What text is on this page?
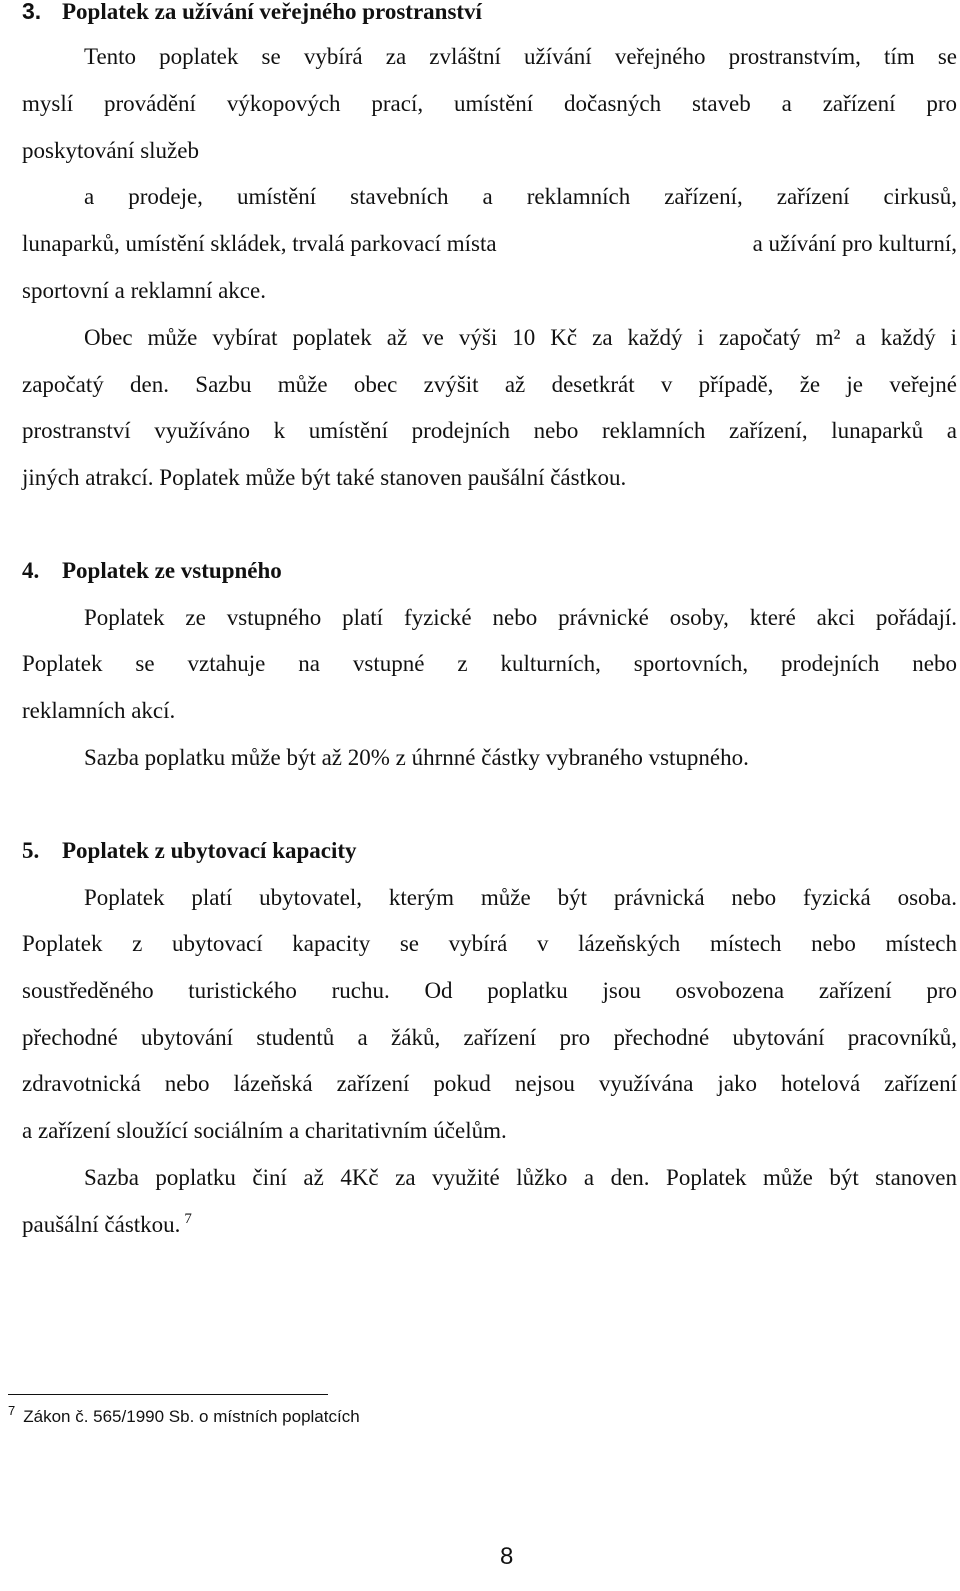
3. Poplatek za užívání veřejného prostranství
Tento poplatek se vybírá za zvláštní užívání veřejného prostranstvím, tím se
myslí provádění výkopových prací, umístění dočasných staveb a zařízení pro
poskytování služeb
a prodeje, umístění stavebních a reklamních zařízení, zařízení cirkusů,
lunaparků, umístění skládek, trvalá parkovací místa	a užívání pro kulturní,
sportovní a reklamní akce.
Obec může vybírat poplatek až ve výši 10 Kč za každý i započatý m² a každý i
započatý den. Sazbu může obec zvýšit až desetkrát v případě, že je veřejné
prostranství využíváno k umístění prodejních nebo reklamních zařízení, lunaparků a
jiných atrakcí. Poplatek může být také stanoven paušální částkou.
4. Poplatek ze vstupného
Poplatek ze vstupného platí fyzické nebo právnické osoby, které akci pořádají.
Poplatek se vztahuje na vstupné z kulturních, sportovních, prodejních nebo
reklamních akcí.
Sazba poplatku může být až 20% z úhrnné částky vybraného vstupného.
5. Poplatek z ubytovací kapacity
Poplatek platí ubytovatel, kterým může být právnická nebo fyzická osoba.
Poplatek z ubytovací kapacity se vybírá v lázeňských místech nebo místech
soustředěného turistického ruchu. Od poplatku jsou osvobozena zařízení pro
přechodné ubytování studentů a žáků, zařízení pro přechodné ubytování pracovníků,
zdravotnická nebo lázeňská zařízení pokud nejsou využívána jako hotelová zařízení
a zařízení sloužící sociálním a charitativním účelům.
Sazba poplatku činí až 4Kč za využité lůžko a den. Poplatek může být stanoven
paušální částkou. $^7$
$^7$ Zákon č. 565/1990 Sb. o místních poplatcích
8
